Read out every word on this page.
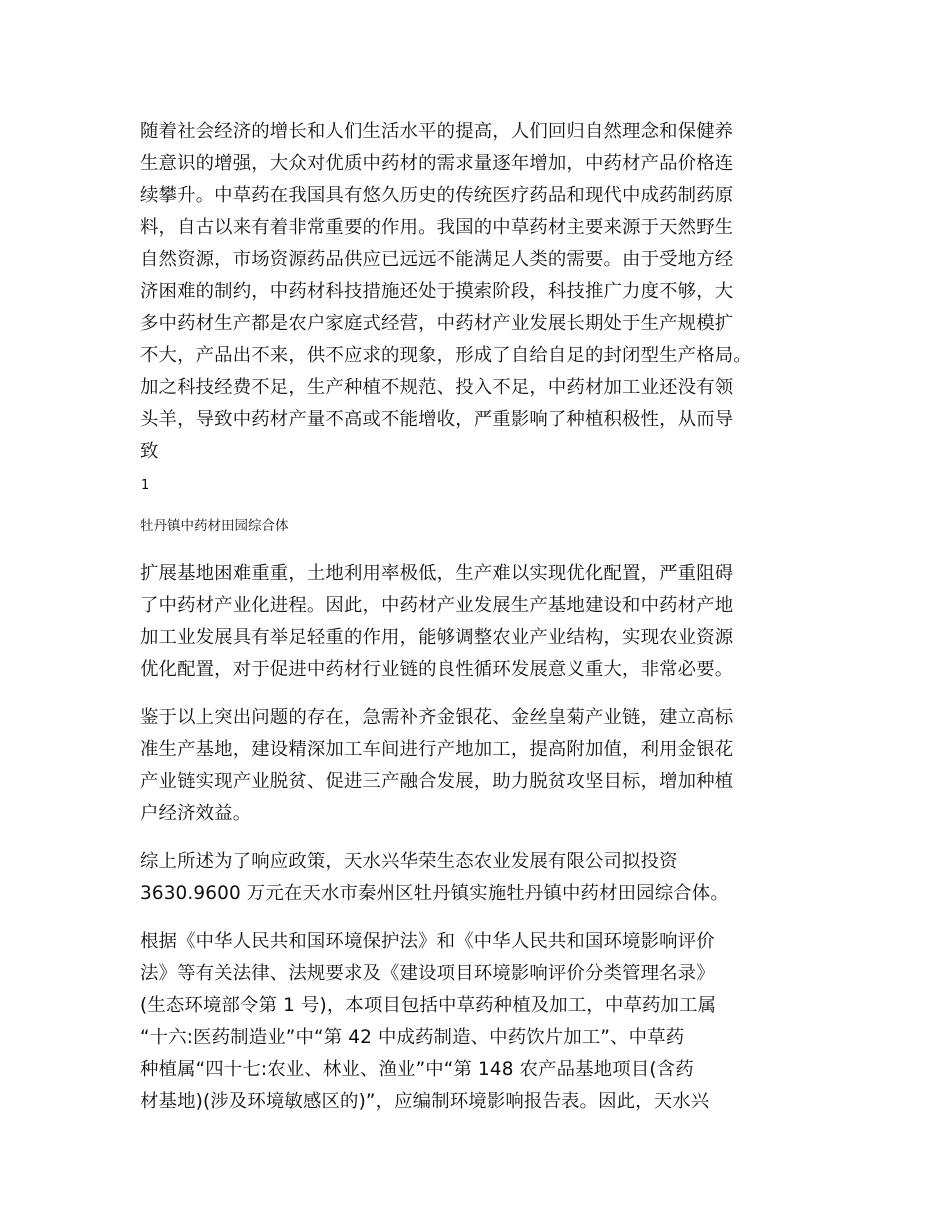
随着社会经济的增长和人们生活水平的提高，人们回归自然理念和保健养
生意识的增强，大众对优质中药材的需求量逐年增加，中药材产品价格连
续攀升。中草药在我国具有悠久历史的传统医疗药品和现代中成药制药原
料，自古以来有着非常重要的作用。我国的中草药材主要来源于天然野生
自然资源，市场资源药品供应已远远不能满足人类的需要。由于受地方经
济困难的制约，中药材科技措施还处于摸索阶段，科技推广力度不够，大
多中药材生产都是农户家庭式经营，中药材产业发展长期处于生产规模扩
不大，产品出不来，供不应求的现象，形成了自给自足的封闭型生产格局。
加之科技经费不足，生产种植不规范、投入不足，中药材加工业还没有领
头羊，导致中药材产量不高或不能增收，严重影响了种植积极性，从而导
致

1

牡丹镇中药材田园综合体

扩展基地困难重重，土地利用率极低，生产难以实现优化配置，严重阻碍
了中药材产业化进程。因此，中药材产业发展生产基地建设和中药材产地
加工业发展具有举足轻重的作用，能够调整农业产业结构，实现农业资源
优化配置，对于促进中药材行业链的良性循环发展意义重大，非常必要。

鉴于以上突出问题的存在，急需补齐金银花、金丝皇菊产业链，建立高标
准生产基地，建设精深加工车间进行产地加工，提高附加值，利用金银花
产业链实现产业脱贫、促进三产融合发展，助力脱贫攻坚目标，增加种植
户经济效益。

综上所述为了响应政策，天水兴华荣生态农业发展有限公司拟投资
3630.9600 万元在天水市秦州区牡丹镇实施牡丹镇中药材田园综合体。

根据《中华人民共和国环境保护法》和《中华人民共和国环境影响评价
法》等有关法律、法规要求及《建设项目环境影响评价分类管理名录》
(生态环境部令第 1 号)，本项目包括中草药种植及加工，中草药加工属
“十六:医药制造业”中“第 42 中成药制造、中药饮片加工”、中草药
种植属“四十七:农业、林业、渔业”中“第 148 农产品基地项目(含药
材基地)(涉及环境敏感区的)”，应编制环境影响报告表。因此，天水兴
